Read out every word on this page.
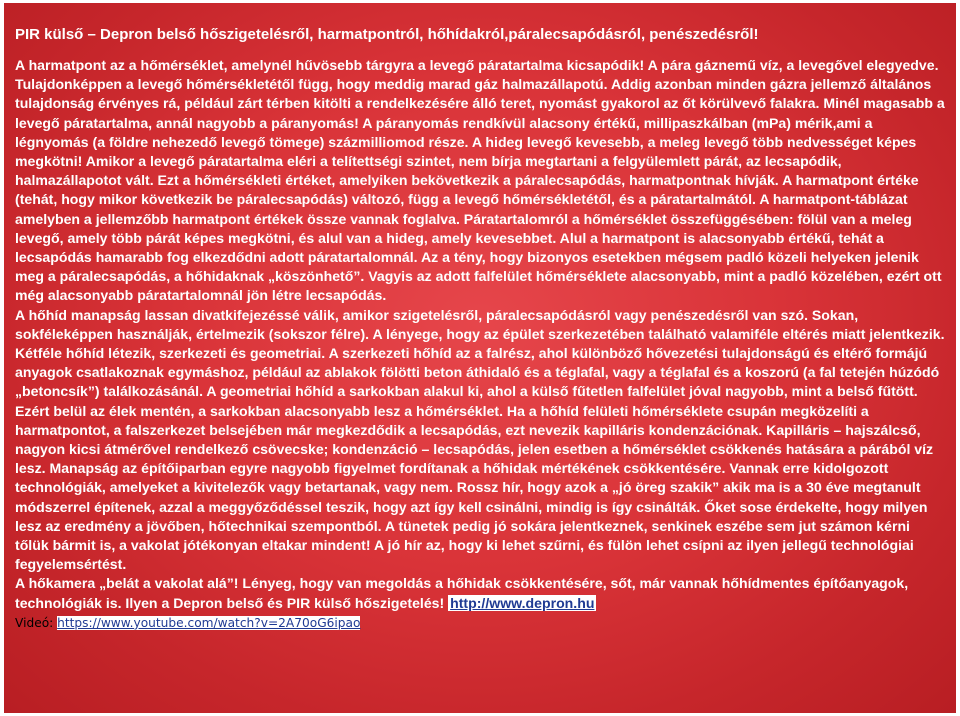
PIR külső – Depron belső hőszigetelésről, harmatpontról, hőhídakról,páralecsapódásról, penészedésről!

A harmatpont az a hőmérséklet, amelynél hűvösebb tárgyra a levegő páratartalma kicsapódik! A pára gáznemű víz, a levegővel elegyedve. Tulajdonképpen a levegő hőmérsékletétől függ, hogy meddig marad gáz halmazállapotú. Addig azonban minden gázra jellemző általános tulajdonság érvényes rá, például zárt térben kitölti a rendelkezésére álló teret, nyomást gyakorol az őt körülvevő falakra. Minél magasabb a levegő páratartalma, annál nagyobb a páranyomás! A páranyomás rendkívül alacsony értékű, millipaszkálban (mPa) mérik,ami a légnyomás (a földre nehezedő levegő tömege) százmilliomod része. A hideg levegő kevesebb, a meleg levegő több nedvességet képes megkötni! Amikor a levegő páratartalma eléri a telítettségi szintet, nem bírja megtartani a felgyülemlett párát, az lecsapódik, halmazállapotot vált. Ezt a hőmérsékleti értéket, amelyiken bekövetkezik a páralecsapódás, harmatpontnak hívják. A harmatpont értéke (tehát, hogy mikor következik be páralecsapódás) változó, függ a levegő hőmérsékletétől, és a páratartalmától. A harmatpont-táblázat amelyben a jellemzőbb harmatpont értékek össze vannak foglalva. Páratartalomról a hőmérséklet összefüggésében: fölül van a meleg levegő, amely több párát képes megkötni, és alul van a hideg, amely kevesebbet. Alul a harmatpont is alacsonyabb értékű, tehát a lecsapódás hamarabb fog elkezdődni adott páratartalomnál. Az a tény, hogy bizonyos esetekben mégsem padló közeli helyeken jelenik meg a páralecsapódás, a hőhidaknak „köszönhető”. Vagyis az adott falfelület hőmérséklete alacsonyabb, mint a padló közelében, ezért ott még alacsonyabb páratartalomnál jön létre lecsapódás.

A hőhíd manapság lassan divatkifejezéssé válik, amikor szigetelésről, páralecsapódásról vagy penészedésről van szó. Sokan, sokféleképpen használják, értelmezik (sokszor félre). A lényege, hogy az épület szerkezetében található valamiféle eltérés miatt jelentkezik. Kétféle hőhíd létezik, szerkezeti és geometriai. A szerkezeti hőhíd az a falrész, ahol különböző hővezetési tulajdonságú és eltérő formájú anyagok csatlakoznak egymáshoz, például az ablakok fölötti beton áthidaló és a téglafal, vagy a téglafal és a koszorú (a fal tetején húzódó „betoncsík”) találkozásánál. A geometriai hőhíd a sarkokban alakul ki, ahol a külső fűtetlen falfelület jóval nagyobb, mint a belső fűtött. Ezért belül az élek mentén, a sarkokban alacsonyabb lesz a hőmérséklet. Ha a hőhíd felületi hőmérséklete csupán megközelíti a harmatpontot, a falszerkezet belsejében már megkezdődik a lecsapódás, ezt nevezik kapilláris kondenzációnak. Kapilláris – hajszálcső, nagyon kicsi átmérővel rendelkező csövecske; kondenzáció – lecsapódás, jelen esetben a hőmérséklet csökkenés hatására a párából víz lesz. Manapság az építőiparban egyre nagyobb figyelmet fordítanak a hőhidak mértékének csökkentésére. Vannak erre kidolgozott technológiák, amelyeket a kivitelezők vagy betartanak, vagy nem. Rossz hír, hogy azok a „jó öreg szakik” akik ma is a 30 éve megtanult módszerrel építenek, azzal a meggyőződéssel teszik, hogy azt így kell csinálni, mindig is így csinálták. Őket sose érdekelte, hogy milyen lesz az eredmény a jövőben, hőtechnikai szempontból. A tünetek pedig jó sokára jelentkeznek, senkinek eszébe sem jut számon kérni tőlük bármit is, a vakolat jótékonyan eltakar mindent! A jó hír az, hogy ki lehet szűrni, és fülön lehet csípni az ilyen jellegű technológiai fegyelemsértést.

A hőkamera „belát a vakolat alá”! Lényeg, hogy van megoldás a hőhidak csökkentésére, sőt, már vannak hőhídmentes építőanyagok, technológiák is. Ilyen a Depron belső és PIR külső hőszigetelés! http://www.depron.hu

Videó: https://www.youtube.com/watch?v=2A70oG6ipao
